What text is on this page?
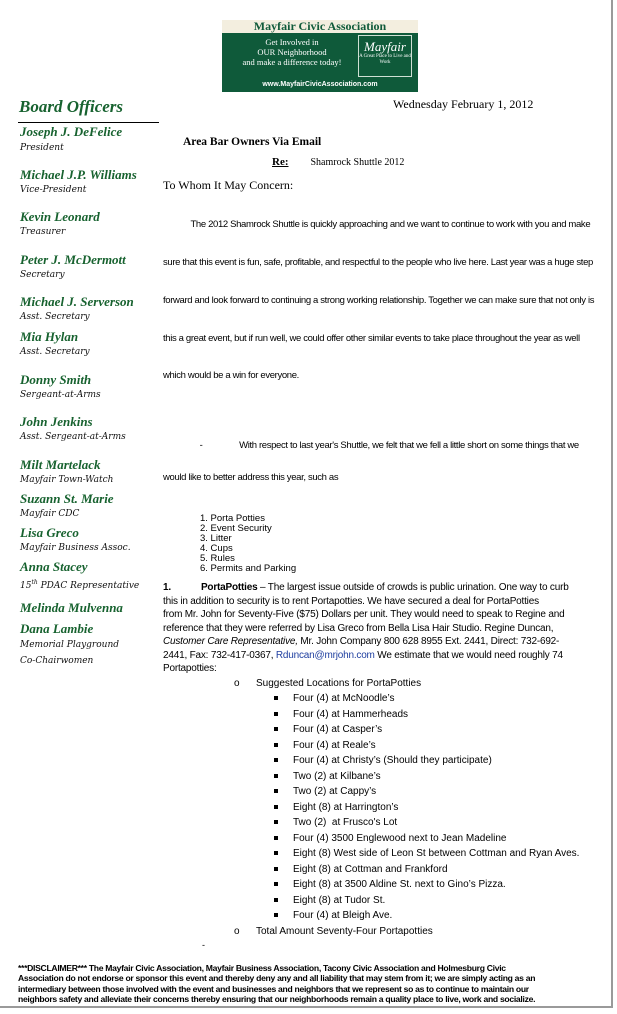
Mayfair Civic Association
Get Involved in
OUR Neighborhood
and make a difference today!
Mayfair
A Great Place to Live and Work
www.MayfairCivicAssociation.com
Board Officers
Joseph J. DeFelice
President
Michael J.P. Williams
Vice-President
Kevin Leonard
Treasurer
Peter J. McDermott
Secretary
Michael J. Serverson
Asst. Secretary
Mia Hylan
Asst. Secretary
Donny Smith
Sergeant-at-Arms
John Jenkins
Asst. Sergeant-at-Arms
Milt Martelack
Mayfair Town-Watch
Suzann St. Marie
Mayfair CDC
Lisa Greco
Mayfair Business Assoc.
Anna Stacey
15th PDAC Representative
Melinda Mulvenna
Dana Lambie
Memorial Playground
Co-Chairwomen
Wednesday February 1, 2012
Area Bar Owners Via Email
Re: Shamrock Shuttle 2012
To Whom It May Concern:

The 2012 Shamrock Shuttle is quickly approaching and we want to continue to work with you and make

sure that this event is fun, safe, profitable, and respectful to the people who live here. Last year was a huge step

forward and look forward to continuing a strong working relationship. Together we can make sure that not only is

this a great event, but if run well, we could offer other similar events to take place throughout the year as well

which would be a win for everyone.

-                With respect to last year's Shuttle, we felt that we fell a little short on some things that we

would like to better address this year, such as

1. Porta Potties
2. Event Security
3. Litter
4. Cups
5. Rules
6. Permits and Parking
1.	PortaPotties – The largest issue outside of crowds is public urination. One way to curb
this in addition to security is to rent Portapotties. We have secured a deal for PortaPotties
from Mr. John for Seventy-Five ($75) Dollars per unit. They would need to speak to Regine and
reference that they were referred by Lisa Greco from Bella Lisa Hair Studio. Regine Duncan,
Customer Care Representative, Mr. John Company 800 628 8955 Ext. 2441, Direct: 732-692-
2441, Fax: 732-417-0367, Rduncan@mrjohn.com We estimate that we would need roughly 74
Portapotties:
o Suggested Locations for PortaPotties
Four (4) at McNoodle’s
Four (4) at Hammerheads
Four (4) at Casper’s
Four (4) at Reale’s
Four (4) at Christy’s (Should they participate)
Two (2) at Kilbane’s
Two (2) at Cappy’s
Eight (8) at Harrington’s
Two (2)  at Frusco's Lot
Four (4) 3500 Englewood next to Jean Madeline
Eight (8) West side of Leon St between Cottman and Ryan Aves.
Eight (8) at Cottman and Frankford
Eight (8) at 3500 Aldine St. next to Gino’s Pizza.
Eight (8) at Tudor St.
Four (4) at Bleigh Ave.
o Total Amount Seventy-Four Portapotties
-
***DISCLAIMER*** The Mayfair Civic Association, Mayfair Business Association, Tacony Civic Association and Holmesburg Civic
Association do not endorse or sponsor this event and thereby deny any and all liability that may stem from it; we are simply acting as an
intermediary between those involved with the event and businesses and neighbors that we represent so as to continue to maintain our
neighbors safety and alleviate their concerns thereby ensuring that our neighborhoods remain a quality place to live, work and socialize.
